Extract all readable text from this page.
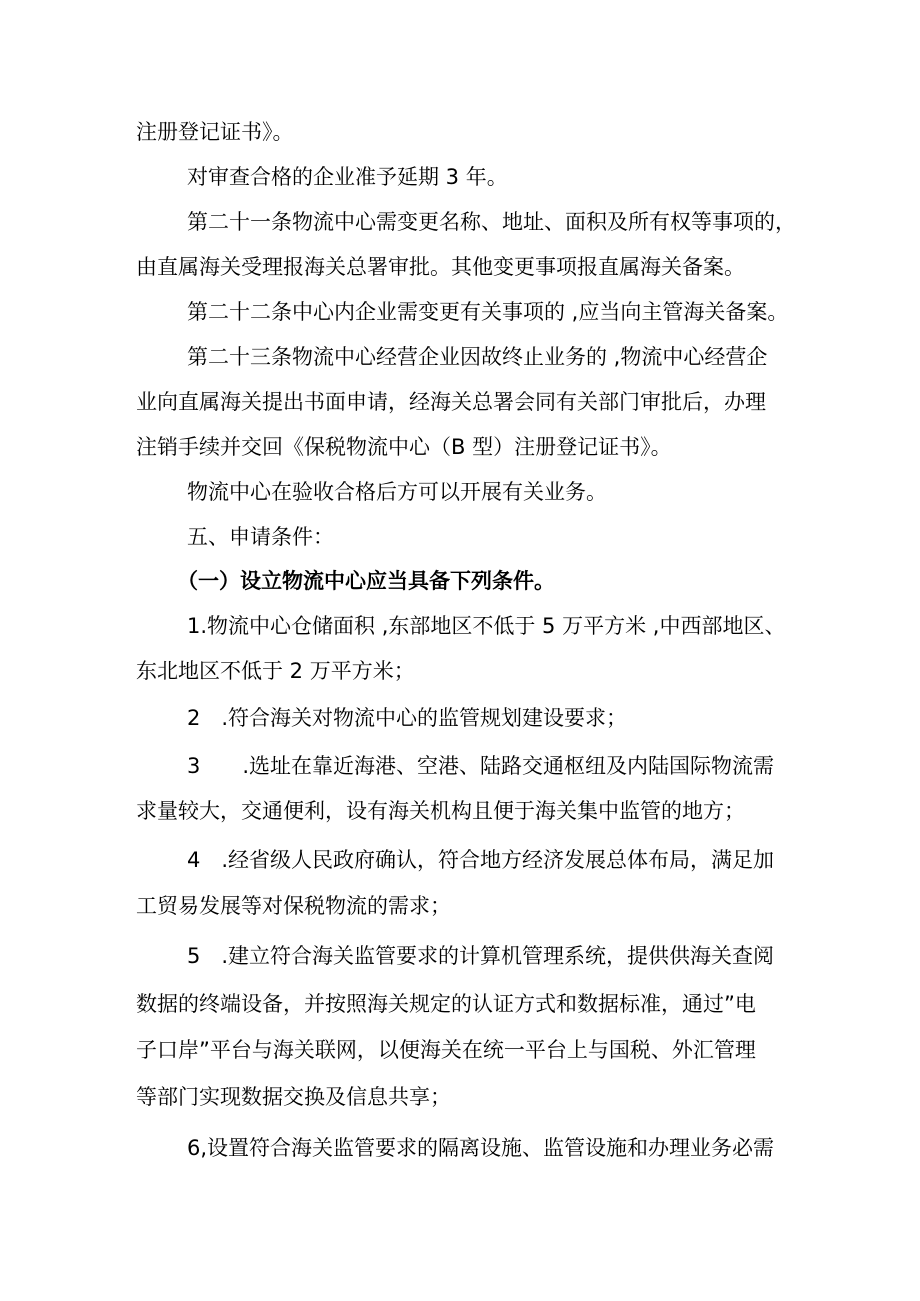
注册登记证书》。
对审查合格的企业准予延期 3 年。
第二十一条物流中心需变更名称、地址、面积及所有权等事项的，
由直属海关受理报海关总署审批。其他变更事项报直属海关备案。
第二十二条中心内企业需变更有关事项的 ,应当向主管海关备案。
第二十三条物流中心经营企业因故终止业务的 ,物流中心经营企
业向直属海关提出书面申请，经海关总署会同有关部门审批后，办理
注销手续并交回《保税物流中心（B 型）注册登记证书》。
物流中心在验收合格后方可以开展有关业务。
五、申请条件：
（一）设立物流中心应当具备下列条件。
1.物流中心仓储面积 ,东部地区不低于 5 万平方米 ,中西部地区、
东北地区不低于 2 万平方米；
2　.符合海关对物流中心的监管规划建设要求；
3　　.选址在靠近海港、空港、陆路交通枢纽及内陆国际物流需
求量较大，交通便利，设有海关机构且便于海关集中监管的地方；
4　.经省级人民政府确认，符合地方经济发展总体布局，满足加
工贸易发展等对保税物流的需求；
5　.建立符合海关监管要求的计算机管理系统，提供供海关查阅
数据的终端设备，并按照海关规定的认证方式和数据标准，通过”电
子口岸”平台与海关联网，以便海关在统一平台上与国税、外汇管理
等部门实现数据交换及信息共享；
6,设置符合海关监管要求的隔离设施、监管设施和办理业务必需
